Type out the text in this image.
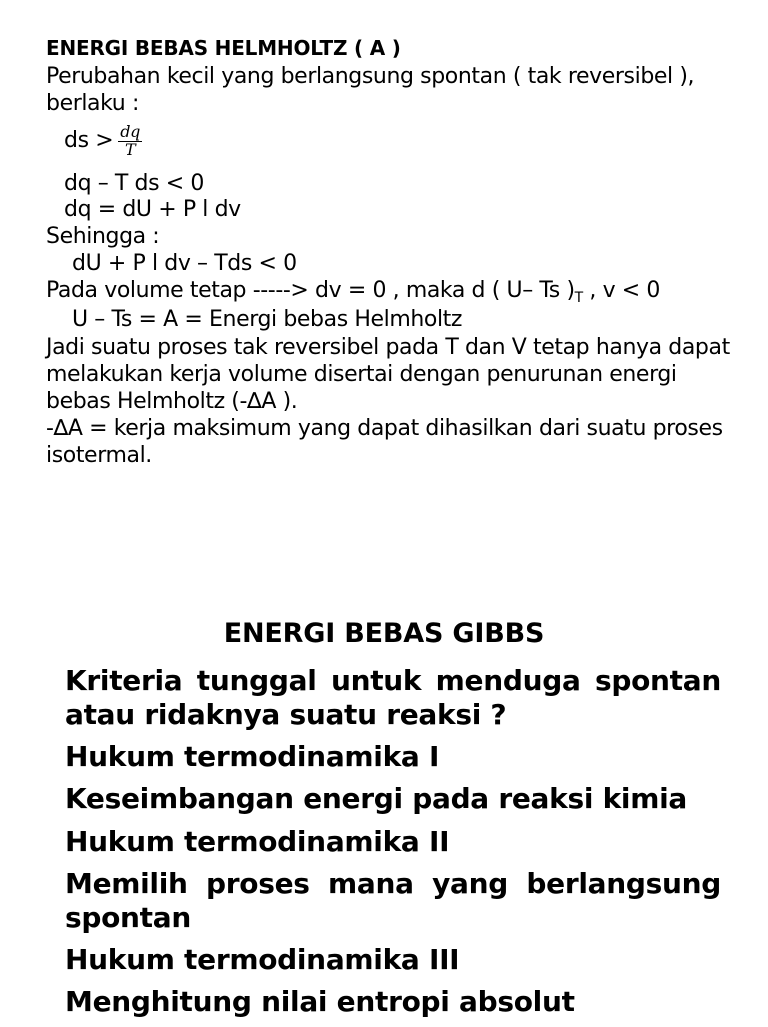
ENERGI BEBAS HELMHOLTZ ( A )
Perubahan kecil yang berlangsung spontan ( tak reversibel ), berlaku :
ds > $\frac{dq}{T}$
dq – T ds < 0
dq = dU + P l dv
Sehingga :
dU + P l dv – Tds < 0
Pada volume tetap -----> dv = 0 , maka d ( U– Ts )$_T$ , v < 0
U – Ts = A = Energi bebas Helmholtz
Jadi suatu proses tak reversibel pada T dan V tetap hanya dapat melakukan kerja volume disertai dengan penurunan energi bebas Helmholtz (-∆A ).
-∆A = kerja maksimum yang dapat dihasilkan dari suatu proses isotermal.
ENERGI BEBAS GIBBS
Kriteria tunggal untuk menduga spontan atau ridaknya suatu reaksi ?
Hukum termodinamika I
Keseimbangan energi pada reaksi kimia
Hukum termodinamika II
Memilih proses mana yang berlangsung spontan
Hukum termodinamika III
Menghitung nilai entropi absolut
